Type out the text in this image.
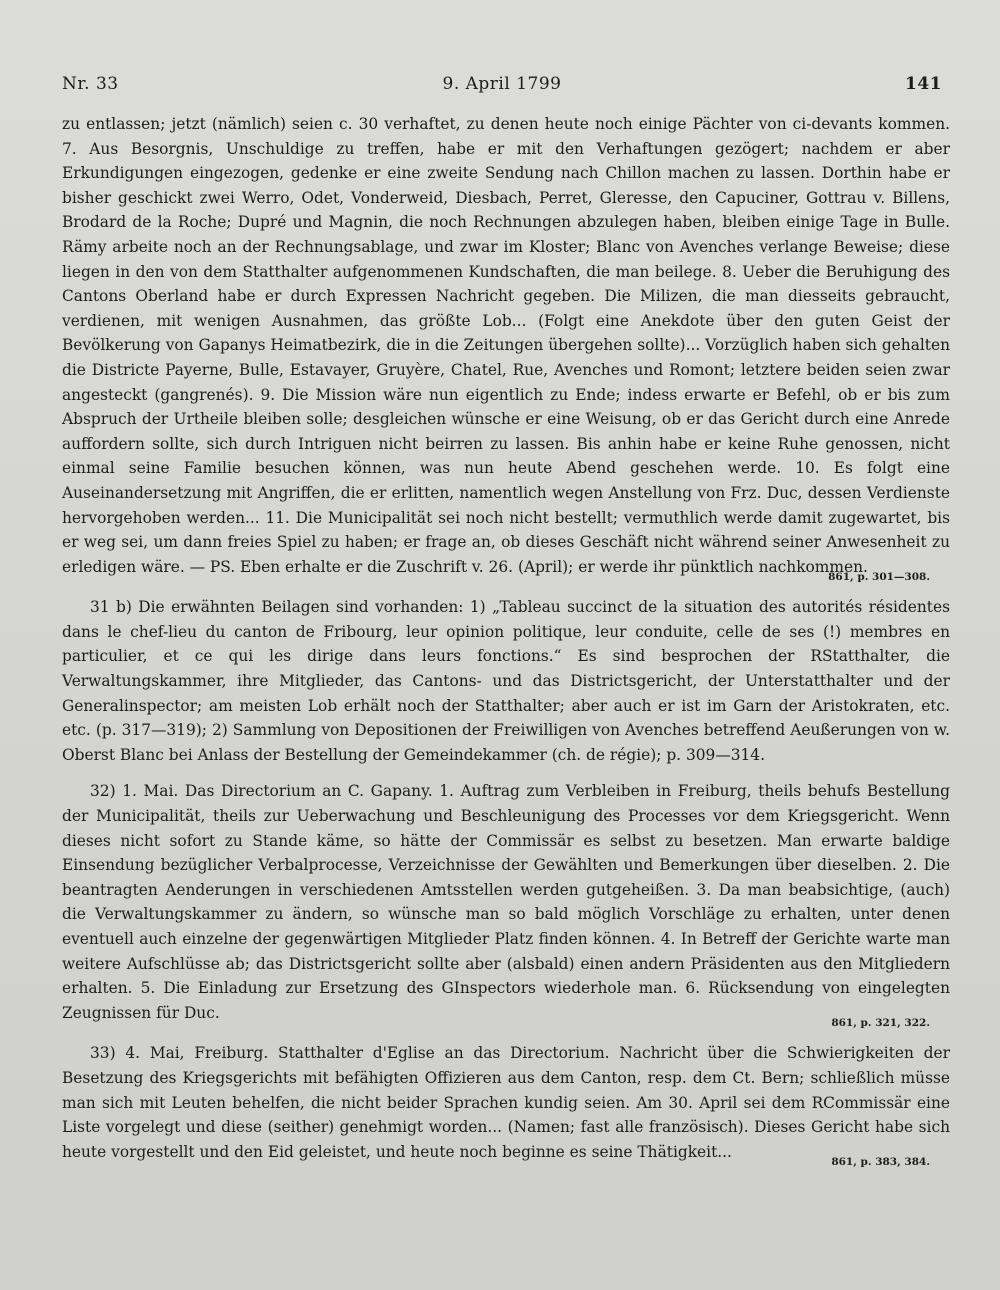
Nr. 33	9. April 1799	141

zu entlassen; jetzt (nämlich) seien c. 30 verhaftet, zu denen heute noch einige Pächter von ci-devants kommen. 7. Aus Besorgnis, Unschuldige zu treffen, habe er mit den Verhaftungen gezögert; nachdem er aber Erkundigungen eingezogen, gedenke er eine zweite Sendung nach Chillon machen zu lassen. Dorthin habe er bisher geschickt zwei Werro, Odet, Vonderweid, Diesbach, Perret, Gleresse, den Capuciner, Gottrau v. Billens, Brodard de la Roche; Dupré und Magnin, die noch Rechnungen abzulegen haben, bleiben einige Tage in Bulle. Rämy arbeite noch an der Rechnungsablage, und zwar im Kloster; Blanc von Avenches verlange Beweise; diese liegen in den von dem Statthalter aufgenommenen Kundschaften, die man beilege. 8. Ueber die Beruhigung des Cantons Oberland habe er durch Expressen Nachricht gegeben. Die Milizen, die man diesseits gebraucht, verdienen, mit wenigen Ausnahmen, das größte Lob... (Folgt eine Anekdote über den guten Geist der Bevölkerung von Gapanys Heimatbezirk, die in die Zeitungen übergehen sollte)... Vorzüglich haben sich gehalten die Districte Payerne, Bulle, Estavayer, Gruyère, Chatel, Rue, Avenches und Romont; letztere beiden seien zwar angesteckt (gangrenés). 9. Die Mission wäre nun eigentlich zu Ende; indess erwarte er Befehl, ob er bis zum Abspruch der Urtheile bleiben solle; desgleichen wünsche er eine Weisung, ob er das Gericht durch eine Anrede auffordern sollte, sich durch Intriguen nicht beirren zu lassen. Bis anhin habe er keine Ruhe genossen, nicht einmal seine Familie besuchen können, was nun heute Abend geschehen werde. 10. Es folgt eine Auseinandersetzung mit Angriffen, die er erlitten, namentlich wegen Anstellung von Frz. Duc, dessen Verdienste hervorgehoben werden... 11. Die Municipalität sei noch nicht bestellt; vermuthlich werde damit zugewartet, bis er weg sei, um dann freies Spiel zu haben; er frage an, ob dieses Geschäft nicht während seiner Anwesenheit zu erledigen wäre. — PS. Eben erhalte er die Zuschrift v. 26. (April); er werde ihr pünktlich nachkommen.

861, p. 301—308.

31 b) Die erwähnten Beilagen sind vorhanden: 1) „Tableau succinct de la situation des autorités résidentes dans le chef-lieu du canton de Fribourg, leur opinion politique, leur conduite, celle de ses (!) membres en particulier, et ce qui les dirige dans leurs fonctions.“ Es sind besprochen der RStatthalter, die Verwaltungskammer, ihre Mitglieder, das Cantons- und das Districtsgericht, der Unterstatthalter und der Generalinspector; am meisten Lob erhält noch der Statthalter; aber auch er ist im Garn der Aristokraten, etc. etc. (p. 317—319); 2) Sammlung von Depositionen der Freiwilligen von Avenches betreffend Aeußerungen von w. Oberst Blanc bei Anlass der Bestellung der Gemeindekammer (ch. de régie); p. 309—314.

32) 1. Mai. Das Directorium an C. Gapany. 1. Auftrag zum Verbleiben in Freiburg, theils behufs Bestellung der Municipalität, theils zur Ueberwachung und Beschleunigung des Processes vor dem Kriegsgericht. Wenn dieses nicht sofort zu Stande käme, so hätte der Commissär es selbst zu besetzen. Man erwarte baldige Einsendung bezüglicher Verbalprocesse, Verzeichnisse der Gewählten und Bemerkungen über dieselben. 2. Die beantragten Aenderungen in verschiedenen Amtsstellen werden gutgeheißen. 3. Da man beabsichtige, (auch) die Verwaltungskammer zu ändern, so wünsche man so bald möglich Vorschläge zu erhalten, unter denen eventuell auch einzelne der gegenwärtigen Mitglieder Platz finden können. 4. In Betreff der Gerichte warte man weitere Aufschlüsse ab; das Districtsgericht sollte aber (alsbald) einen andern Präsidenten aus den Mitgliedern erhalten. 5. Die Einladung zur Ersetzung des GInspectors wiederhole man. 6. Rücksendung von eingelegten Zeugnissen für Duc.

861, p. 321, 322.

33) 4. Mai, Freiburg. Statthalter d'Eglise an das Directorium. Nachricht über die Schwierigkeiten der Besetzung des Kriegsgerichts mit befähigten Offizieren aus dem Canton, resp. dem Ct. Bern; schließlich müsse man sich mit Leuten behelfen, die nicht beider Sprachen kundig seien. Am 30. April sei dem RCommissär eine Liste vorgelegt und diese (seither) genehmigt worden... (Namen; fast alle französisch). Dieses Gericht habe sich heute vorgestellt und den Eid geleistet, und heute noch beginne es seine Thätigkeit...

861, p. 383, 384.
